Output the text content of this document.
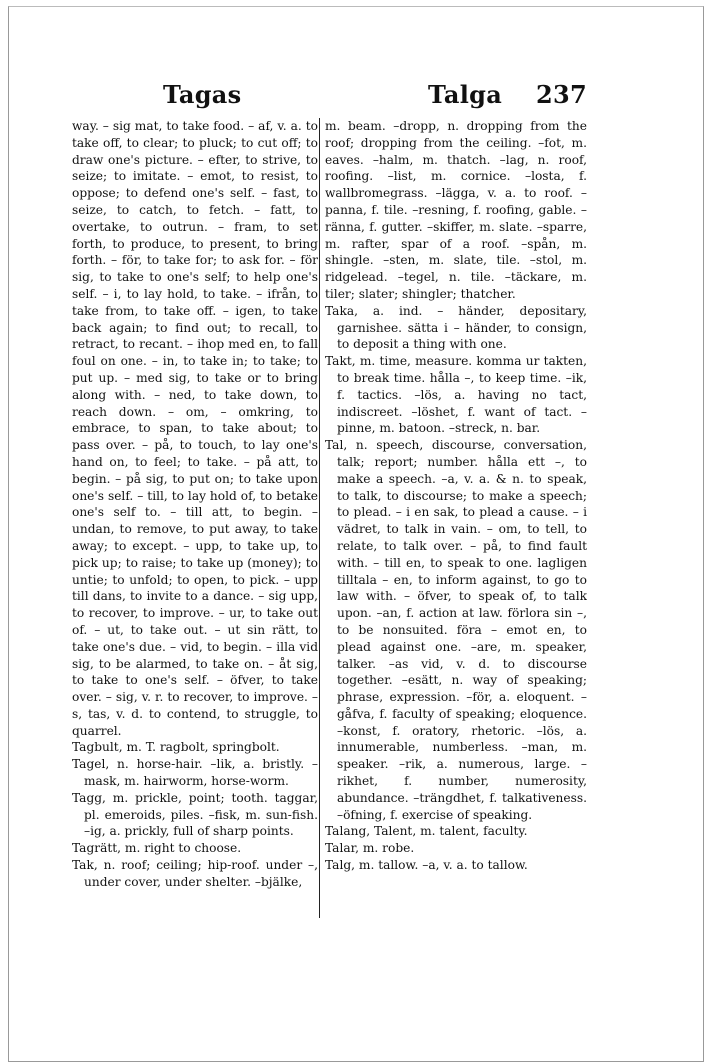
Tagas	Talga 237

way. – sig mat, to take food. – af, v. a. to take off, to clear; to pluck; to cut off; to draw one's picture. – efter, to strive, to seize; to imitate. – emot, to resist, to oppose; to defend one's self. – fast, to seize, to catch, to fetch. – fatt, to overtake, to outrun. – fram, to set forth, to produce, to present, to bring forth. – för, to take for; to ask for. – för sig, to take to one's self; to help one's self. – i, to lay hold, to take. – ifrån, to take from, to take off. – igen, to take back again; to find out; to recall, to retract, to recant. – ihop med en, to fall foul on one. – in, to take in; to take; to put up. – med sig, to take or to bring along with. – ned, to take down, to reach down. – om, – omkring, to embrace, to span, to take about; to pass over. – på, to touch, to lay one's hand on, to feel; to take. – på att, to begin. – på sig, to put on; to take upon one's self. – till, to lay hold of, to betake one's self to. – till att, to begin. – undan, to remove, to put away, to take away; to except. – upp, to take up, to pick up; to raise; to take up (money); to untie; to unfold; to open, to pick. – upp till dans, to invite to a dance. – sig upp, to recover, to improve. – ur, to take out of. – ut, to take out. – ut sin rätt, to take one's due. – vid, to begin. – illa vid sig, to be alarmed, to take on. – åt sig, to take to one's self. – öfver, to take over. – sig, v. r. to recover, to improve. –s, tas, v. d. to contend, to struggle, to quarrel.

Tagbult, m. T. ragbolt, springbolt.

Tagel, n. horse-hair. –lik, a. bristly. –mask, m. hairworm, horse-worm.

Tagg, m. prickle, point; tooth. taggar, pl. emeroids, piles. –fisk, m. sun-fish. –ig, a. prickly, full of sharp points.

Tagrätt, m. right to choose.

Tak, n. roof; ceiling; hip-roof. under –, under cover, under shelter. –bjälke,

m. beam. –dropp, n. dropping from the roof; dropping from the ceiling. –fot, m. eaves. –halm, m. thatch. –lag, n. roof, roofing. –list, m. cornice. –losta, f. wallbromegrass. –lägga, v. a. to roof. –panna, f. tile. –resning, f. roofing, gable. –ränna, f. gutter. –skiffer, m. slate. –sparre, m. rafter, spar of a roof. –spån, m. shingle. –sten, m. slate, tile. –stol, m. ridgelead. –tegel, n. tile. –täckare, m. tiler; slater; shingler; thatcher.

Taka, a. ind. – händer, depositary, garnishee. sätta i – händer, to consign, to deposit a thing with one.

Takt, m. time, measure. komma ur takten, to break time. hålla –, to keep time. –ik, f. tactics. –lös, a. having no tact, indiscreet. –löshet, f. want of tact. –pinne, m. batoon. –streck, n. bar.

Tal, n. speech, discourse, conversation, talk; report; number. hålla ett –, to make a speech. –a, v. a. & n. to speak, to talk, to discourse; to make a speech; to plead. – i en sak, to plead a cause. – i vädret, to talk in vain. – om, to tell, to relate, to talk over. – på, to find fault with. – till en, to speak to one. lagligen tilltala – en, to inform against, to go to law with. – öfver, to speak of, to talk upon. –an, f. action at law. förlora sin –, to be nonsuited. föra – emot en, to plead against one. –are, m. speaker, talker. –as vid, v. d. to discourse together. –esätt, n. way of speaking; phrase, expression. –för, a. eloquent. –gåfva, f. faculty of speaking; eloquence. –konst, f. oratory, rhetoric. –lös, a. innumerable, numberless. –man, m. speaker. –rik, a. numerous, large. –rikhet, f. number, numerosity, abundance. –trängdhet, f. talkativeness. –öfning, f. exercise of speaking.

Talang, Talent, m. talent, faculty.

Talar, m. robe.

Talg, m. tallow. –a, v. a. to tallow.
